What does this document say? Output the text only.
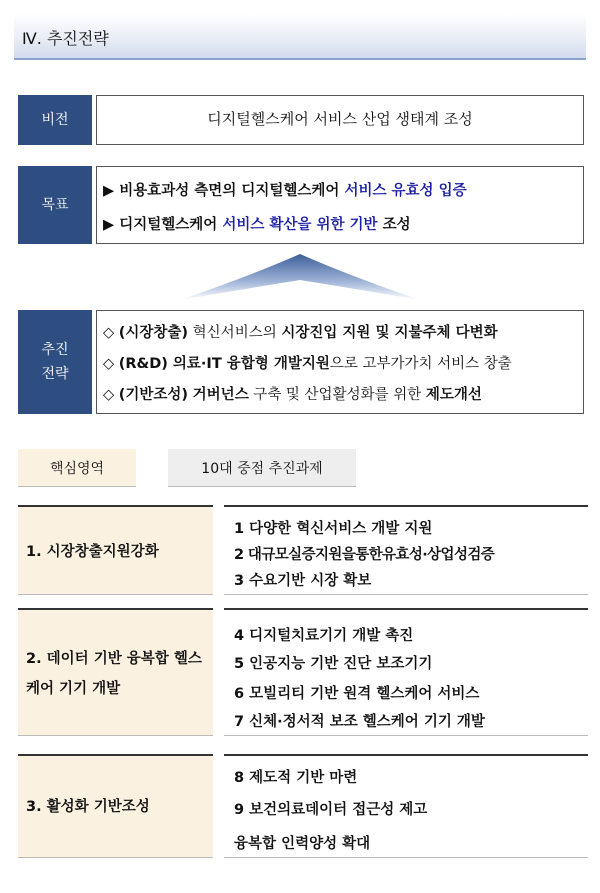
Ⅳ. 추진전략
비전	디지털헬스케어 서비스 산업 생태계 조성
목표
▶ 비용효과성 측면의 디지털헬스케어 서비스 유효성 입증
▶ 디지털헬스케어 서비스 확산을 위한 기반 조성
추진
전략
◇ (시장창출) 혁신서비스의 시장진입 지원 및 지불주체 다변화
◇ (R&D) 의료·IT 융합형 개발지원으로 고부가가치 서비스 창출
◇ (기반조성) 거버넌스 구축 및 산업활성화를 위한 제도개선
핵심영역	10대 중점 추진과제
1. 시장창출지원강화
1 다양한 혁신서비스 개발 지원
2 대규모실증지원을통한유효성·상업성검증
3 수요기반 시장 확보
2. 데이터 기반 융복합 헬스
케어 기기 개발
4 디지털치료기기 개발 촉진
5 인공지능 기반 진단 보조기기
6 모빌리티 기반 원격 헬스케어 서비스
7 신체·정서적 보조 헬스케어 기기 개발
3. 활성화 기반조성
8 제도적 기반 마련
9 보건의료데이터 접근성 제고
융복합 인력양성 확대
